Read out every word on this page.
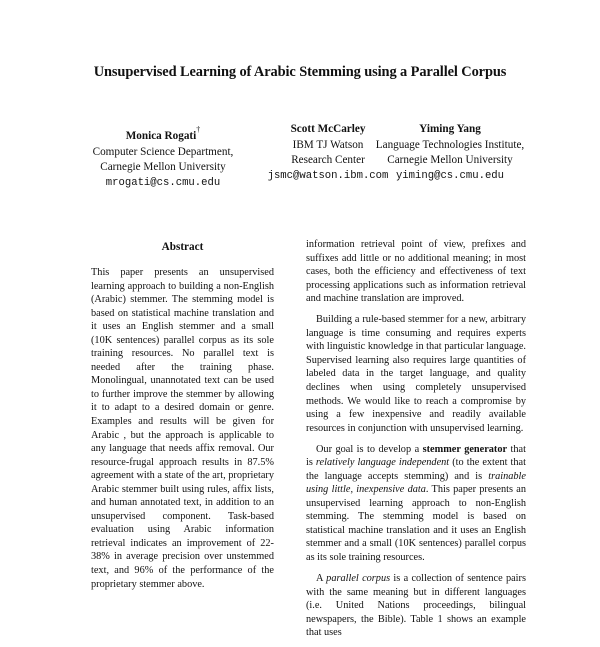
Unsupervised Learning of Arabic Stemming using a Parallel Corpus
Monica Rogati†
Computer Science Department,
Carnegie Mellon University
mrogati@cs.cmu.edu
Scott McCarley
IBM TJ Watson
Research Center
jsmc@watson.ibm.com
Yiming Yang
Language Technologies Institute,
Carnegie Mellon University
yiming@cs.cmu.edu
Abstract

This paper presents an unsupervised learning approach to building a non-English (Arabic) stemmer. The stemming model is based on statistical machine translation and it uses an English stemmer and a small (10K sentences) parallel corpus as its sole training resources. No parallel text is needed after the training phase. Monolingual, unannotated text can be used to further improve the stemmer by allowing it to adapt to a desired domain or genre. Examples and results will be given for Arabic , but the approach is applicable to any language that needs affix removal. Our resource-frugal approach results in 87.5% agreement with a state of the art, proprietary Arabic stemmer built using rules, affix lists, and human annotated text, in addition to an unsupervised component. Task-based evaluation using Arabic information retrieval indicates an improvement of 22-38% in average precision over unstemmed text, and 96% of the performance of the proprietary stemmer above.

information retrieval point of view, prefixes and suffixes add little or no additional meaning; in most cases, both the efficiency and effectiveness of text processing applications such as information retrieval and machine translation are improved.

Building a rule-based stemmer for a new, arbitrary language is time consuming and requires experts with linguistic knowledge in that particular language. Supervised learning also requires large quantities of labeled data in the target language, and quality declines when using completely unsupervised methods. We would like to reach a compromise by using a few inexpensive and readily available resources in conjunction with unsupervised learning.

Our goal is to develop a stemmer generator that is relatively language independent (to the extent that the language accepts stemming) and is trainable using little, inexpensive data. This paper presents an unsupervised learning approach to non-English stemming. The stemming model is based on statistical machine translation and it uses an English stemmer and a small (10K sentences) parallel corpus as its sole training resources.

A parallel corpus is a collection of sentence pairs with the same meaning but in different languages (i.e. United Nations proceedings, bilingual newspapers, the Bible). Table 1 shows an example that uses
